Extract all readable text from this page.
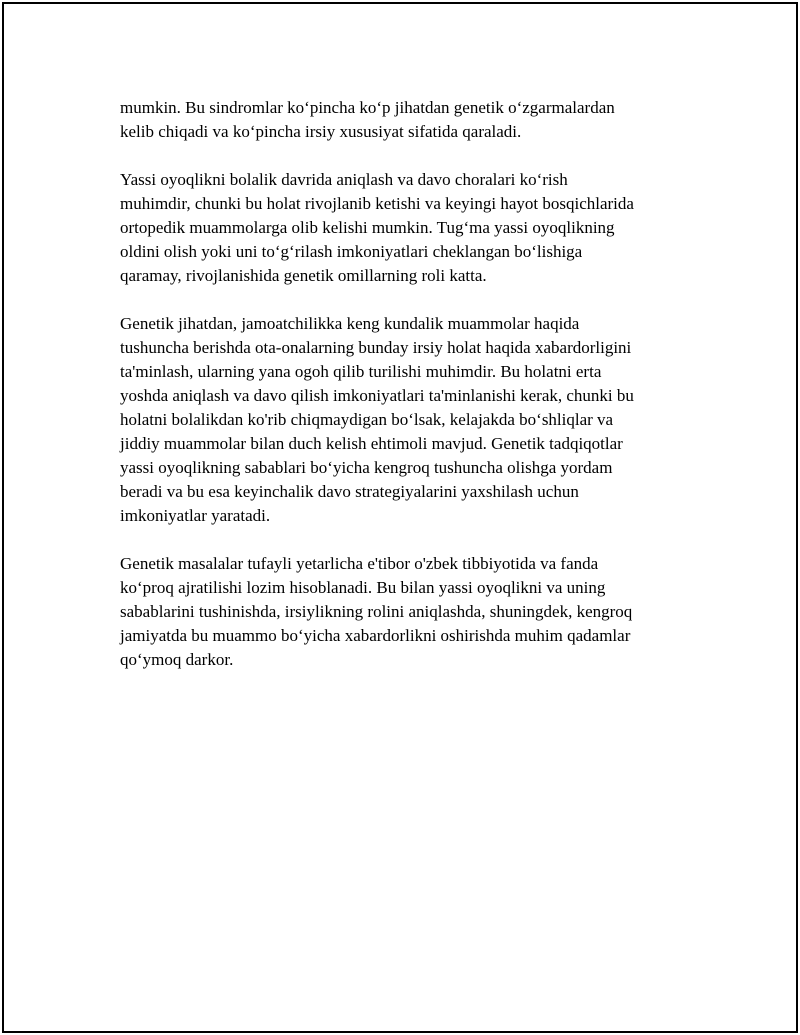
mumkin. Bu sindromlar ko‘pincha ko‘p jihatdan genetik o‘zgarmalardan
kelib chiqadi va ko‘pincha irsiy xususiyat sifatida qaraladi.

Yassi oyoqlikni bolalik davrida aniqlash va davo choralari ko‘rish
muhimdir, chunki bu holat rivojlanib ketishi va keyingi hayot bosqichlarida
ortopedik muammolarga olib kelishi mumkin. Tug‘ma yassi oyoqlikning
oldini olish yoki uni to‘g‘rilash imkoniyatlari cheklangan bo‘lishiga
qaramay, rivojlanishida genetik omillarning roli katta.

Genetik jihatdan, jamoatchilikka keng kundalik muammolar haqida
tushuncha berishda ota-onalarning bunday irsiy holat haqida xabardorligini
ta'minlash, ularning yana ogoh qilib turilishi muhimdir. Bu holatni erta
yoshda aniqlash va davo qilish imkoniyatlari ta'minlanishi kerak, chunki bu
holatni bolalikdan ko'rib chiqmaydigan bo‘lsak, kelajakda bo‘shliqlar va
jiddiy muammolar bilan duch kelish ehtimoli mavjud. Genetik tadqiqotlar
yassi oyoqlikning sabablari bo‘yicha kengroq tushuncha olishga yordam
beradi va bu esa keyinchalik davo strategiyalarini yaxshilash uchun
imkoniyatlar yaratadi.

Genetik masalalar tufayli yetarlicha e'tibor o'zbek tibbiyotida va fanda
ko‘proq ajratilishi lozim hisoblanadi. Bu bilan yassi oyoqlikni va uning
sabablarini tushinishda, irsiylikning rolini aniqlashda, shuningdek, kengroq
jamiyatda bu muammo bo‘yicha xabardorlikni oshirishda muhim qadamlar
qo‘ymoq darkor.
